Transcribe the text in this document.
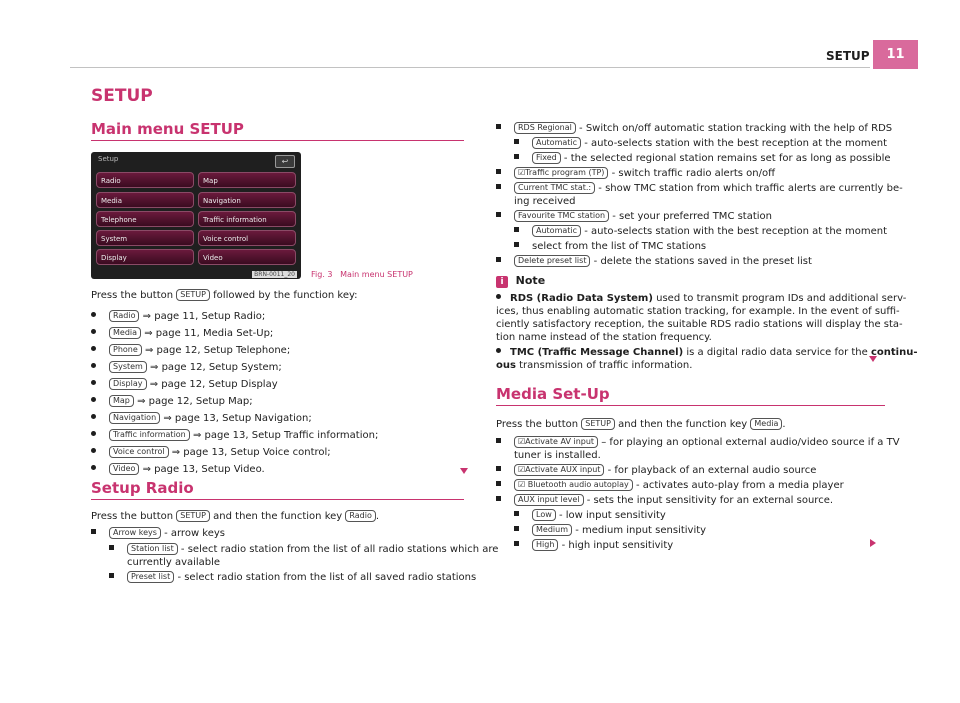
SETUP	11
SETUP
Main menu SETUP
Setup	↩
Radio
Media
Telephone
System
Display
Map
Navigation
Traffic information
Voice control
Video
BRN-0011_20 Fig. 3 Main menu SETUP
Press the button SETUP followed by the function key:
Radio ⇒ page 11, Setup Radio;
Media ⇒ page 11, Media Set-Up;
Phone ⇒ page 12, Setup Telephone;
System ⇒ page 12, Setup System;
Display ⇒ page 12, Setup Display
Map ⇒ page 12, Setup Map;
Navigation ⇒ page 13, Setup Navigation;
Traffic information ⇒ page 13, Setup Traffic information;
Voice control ⇒ page 13, Setup Voice control;
Video ⇒ page 13, Setup Video.
Setup Radio
Press the button SETUP and then the function key Radio .
Arrow keys - arrow keys
Station list - select radio station from the list of all radio stations which are
currently available
Preset list - select radio station from the list of all saved radio stations
RDS Regional - Switch on/off automatic station tracking with the help of RDS
Automatic - auto-selects station with the best reception at the moment
Fixed - the selected regional station remains set for as long as possible
☑Traffic program (TP) - switch traffic radio alerts on/off
Current TMC stat.: - show TMC station from which traffic alerts are currently be-
ing received
Favourite TMC station - set your preferred TMC station
Automatic - auto-selects station with the best reception at the moment
select from the list of TMC stations
Delete preset list - delete the stations saved in the preset list
i Note
RDS (Radio Data System) used to transmit program IDs and additional serv-
ices, thus enabling automatic station tracking, for example. In the event of suffi-
ciently satisfactory reception, the suitable RDS radio stations will display the sta-
tion name instead of the station frequency.
TMC (Traffic Message Channel) is a digital radio data service for the continu-
ous transmission of traffic information.
Media Set-Up
Press the button SETUP and then the function key Media .
☑Activate AV input – for playing an optional external audio/video source if a TV
tuner is installed.
☑Activate AUX input - for playback of an external audio source
☑ Bluetooth audio autoplay - activates auto-play from a media player
AUX input level - sets the input sensitivity for an external source.
Low - low input sensitivity
Medium - medium input sensitivity
High - high input sensitivity
